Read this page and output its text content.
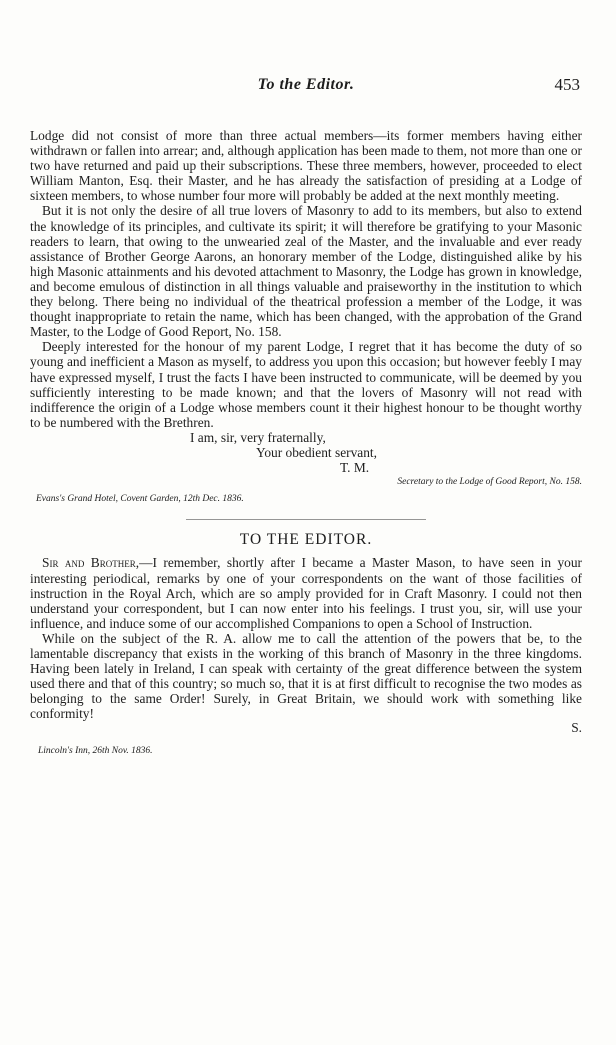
To the Editor.	453

Lodge did not consist of more than three actual members—its former members having either withdrawn or fallen into arrear; and, although application has been made to them, not more than one or two have returned and paid up their subscriptions. These three members, however, proceeded to elect William Manton, Esq. their Master, and he has already the satisfaction of presiding at a Lodge of sixteen members, to whose number four more will probably be added at the next monthly meeting.

But it is not only the desire of all true lovers of Masonry to add to its members, but also to extend the knowledge of its principles, and cultivate its spirit; it will therefore be gratifying to your Masonic readers to learn, that owing to the unwearied zeal of the Master, and the invaluable and ever ready assistance of Brother George Aarons, an honorary member of the Lodge, distinguished alike by his high Masonic attainments and his devoted attachment to Masonry, the Lodge has grown in knowledge, and become emulous of distinction in all things valuable and praiseworthy in the institution to which they belong. There being no individual of the theatrical profession a member of the Lodge, it was thought inappropriate to retain the name, which has been changed, with the approbation of the Grand Master, to the Lodge of Good Report, No. 158.

Deeply interested for the honour of my parent Lodge, I regret that it has become the duty of so young and inefficient a Mason as myself, to address you upon this occasion; but however feebly I may have expressed myself, I trust the facts I have been instructed to communicate, will be deemed by you sufficiently interesting to be made known; and that the lovers of Masonry will not read with indifference the origin of a Lodge whose members count it their highest honour to be thought worthy to be numbered with the Brethren.

I am, sir, very fraternally,
Your obedient servant,
T. M.
Secretary to the Lodge of Good Report, No. 158.
Evans's Grand Hotel, Covent Garden, 12th Dec. 1836.
TO THE EDITOR.

Sir and Brother,—I remember, shortly after I became a Master Mason, to have seen in your interesting periodical, remarks by one of your correspondents on the want of those facilities of instruction in the Royal Arch, which are so amply provided for in Craft Masonry. I could not then understand your correspondent, but I can now enter into his feelings. I trust you, sir, will use your influence, and induce some of our accomplished Companions to open a School of Instruction.

While on the subject of the R. A. allow me to call the attention of the powers that be, to the lamentable discrepancy that exists in the working of this branch of Masonry in the three kingdoms. Having been lately in Ireland, I can speak with certainty of the great difference between the system used there and that of this country; so much so, that it is at first difficult to recognise the two modes as belonging to the same Order! Surely, in Great Britain, we should work with something like conformity!

S.
Lincoln's Inn, 26th Nov. 1836.
